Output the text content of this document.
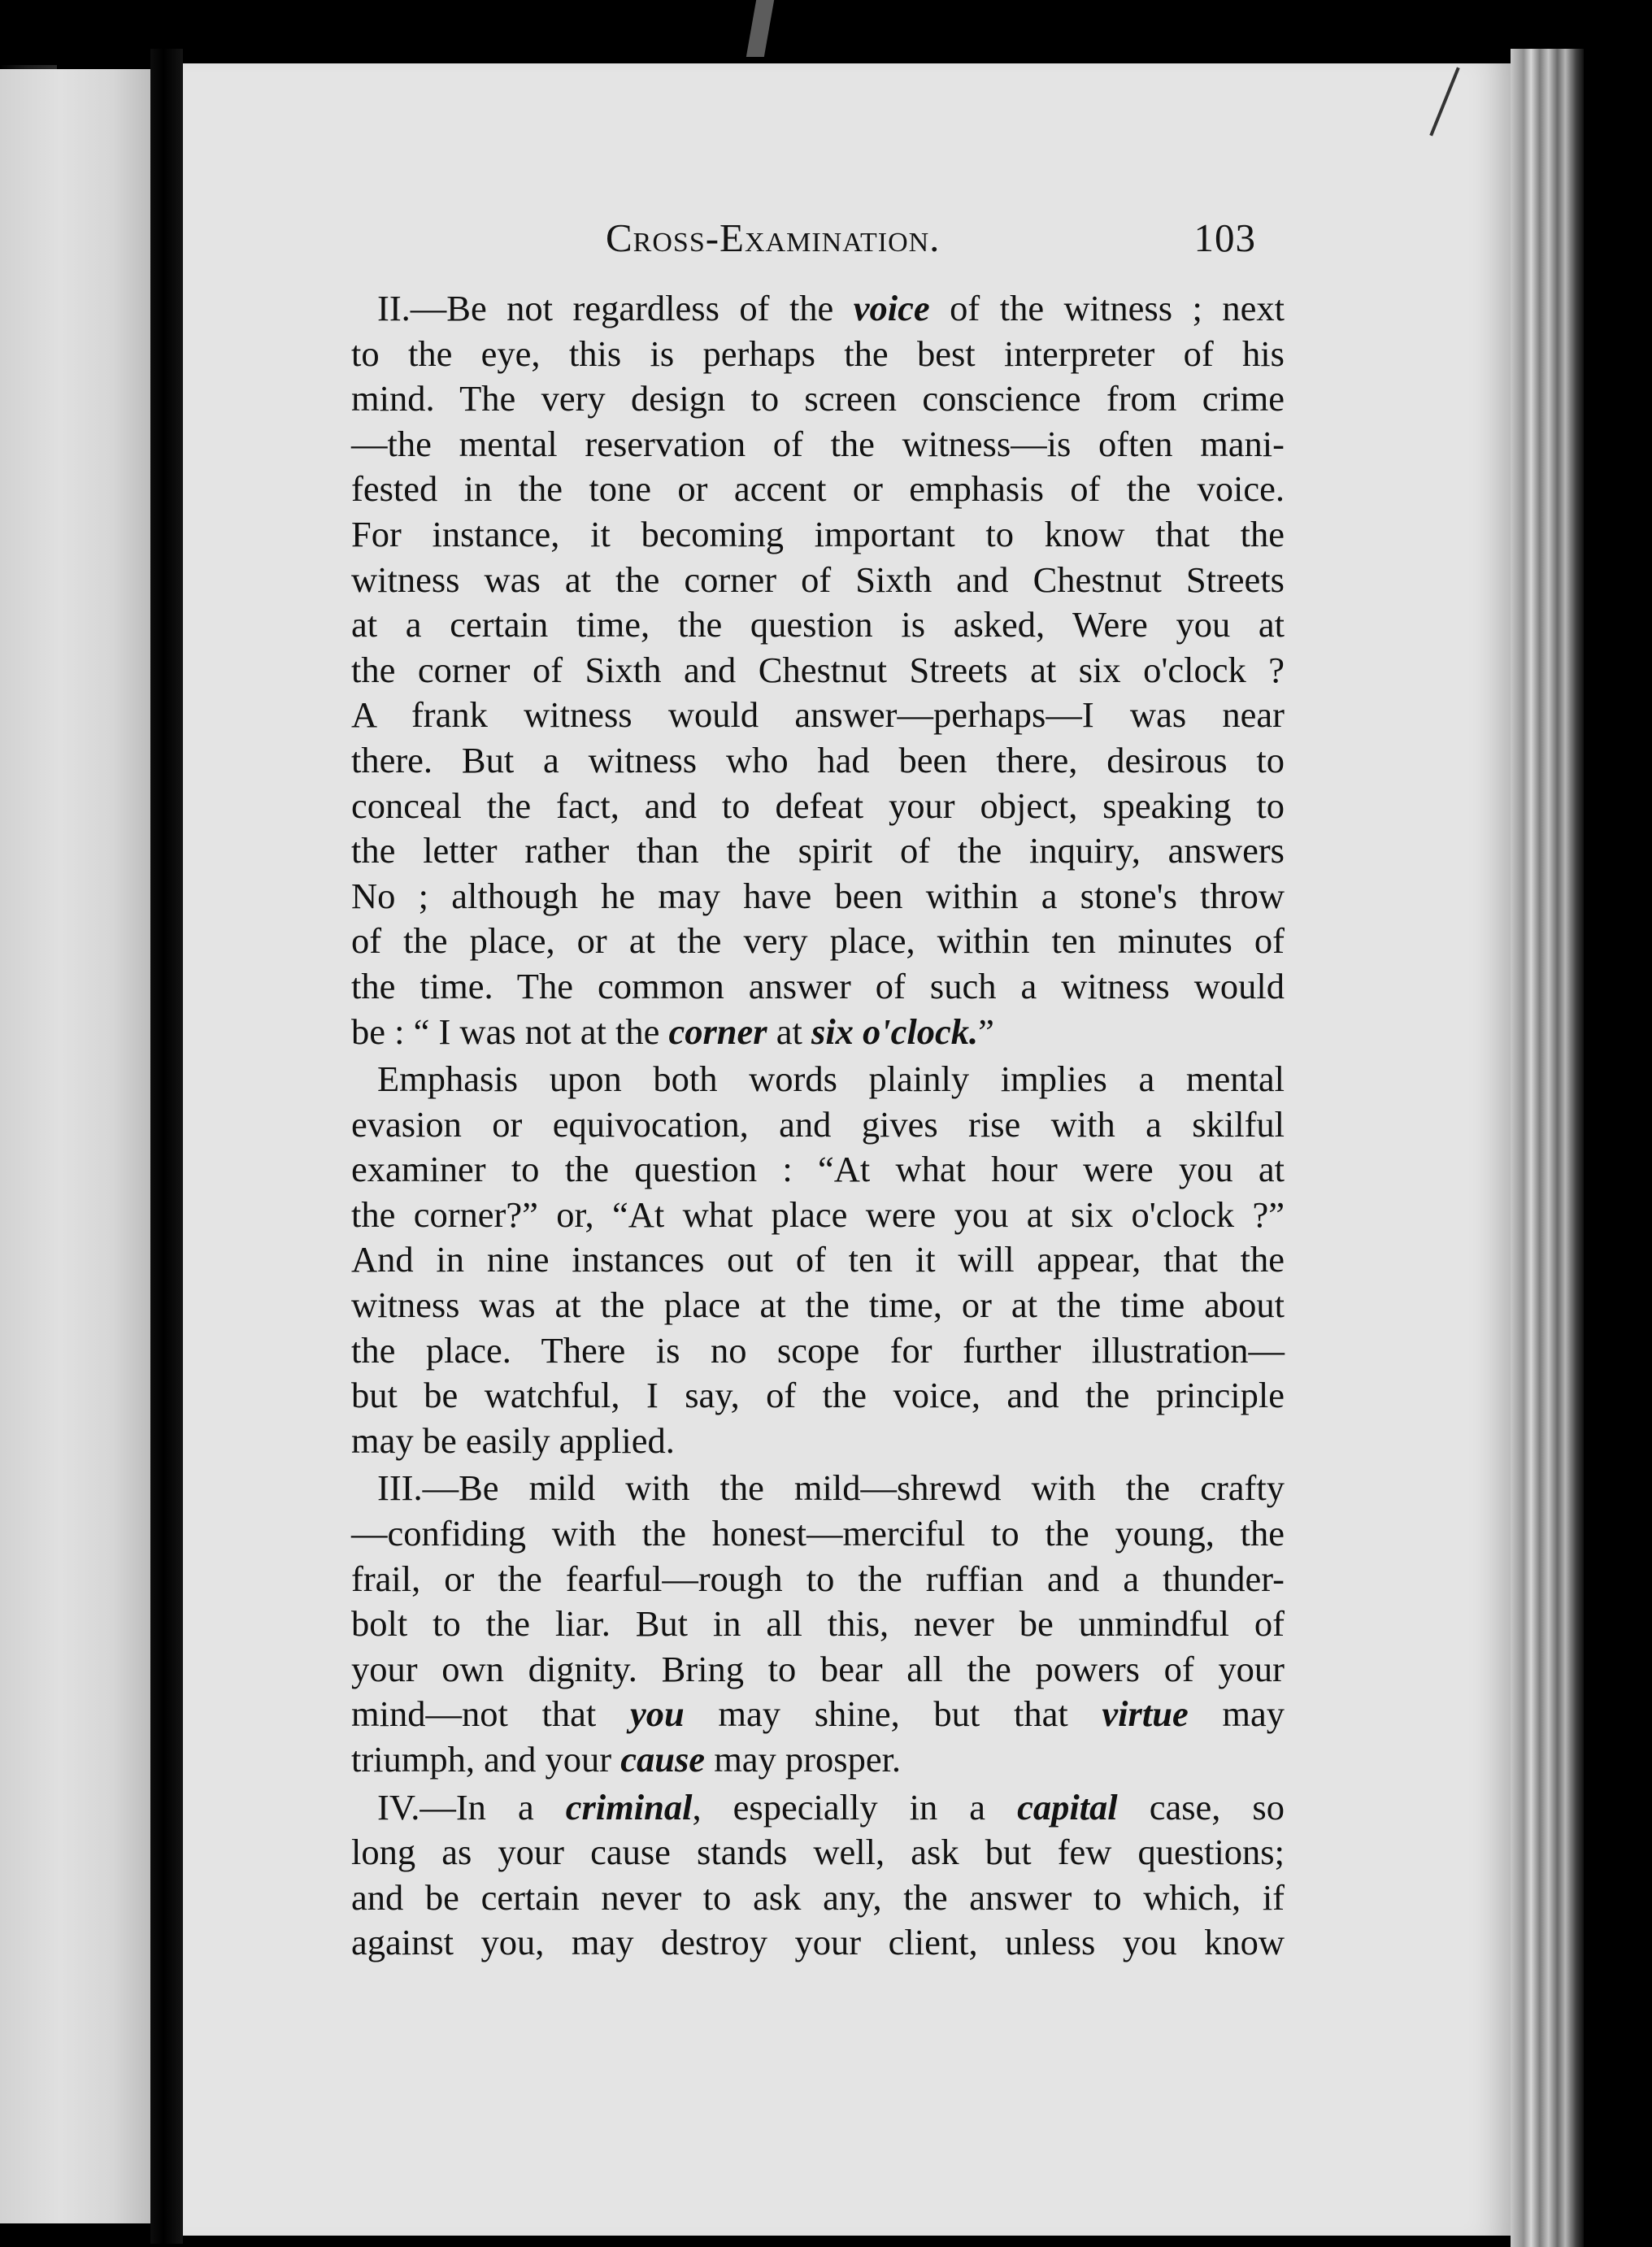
Cross-Examination.	103
II.—Be not regardless of the voice of the witness ; next
to the eye, this is perhaps the best interpreter of his
mind. The very design to screen conscience from crime
—the mental reservation of the witness—is often mani-
fested in the tone or accent or emphasis of the voice.
For instance, it becoming important to know that the
witness was at the corner of Sixth and Chestnut Streets
at a certain time, the question is asked, Were you at
the corner of Sixth and Chestnut Streets at six o'clock ?
A frank witness would answer—perhaps—I was near
there. But a witness who had been there, desirous to
conceal the fact, and to defeat your object, speaking to
the letter rather than the spirit of the inquiry, answers
No ; although he may have been within a stone's throw
of the place, or at the very place, within ten minutes of
the time. The common answer of such a witness would
be : “ I was not at the corner at six o'clock.”
Emphasis upon both words plainly implies a mental
evasion or equivocation, and gives rise with a skilful
examiner to the question : “At what hour were you at
the corner?” or, “At what place were you at six o'clock ?”
And in nine instances out of ten it will appear, that the
witness was at the place at the time, or at the time about
the place. There is no scope for further illustration—
but be watchful, I say, of the voice, and the principle
may be easily applied.
III.—Be mild with the mild—shrewd with the crafty
—confiding with the honest—merciful to the young, the
frail, or the fearful—rough to the ruffian and a thunder-
bolt to the liar. But in all this, never be unmindful of
your own dignity. Bring to bear all the powers of your
mind—not that you may shine, but that virtue may
triumph, and your cause may prosper.
IV.—In a criminal, especially in a capital case, so
long as your cause stands well, ask but few questions;
and be certain never to ask any, the answer to which, if
against you, may destroy your client, unless you know
